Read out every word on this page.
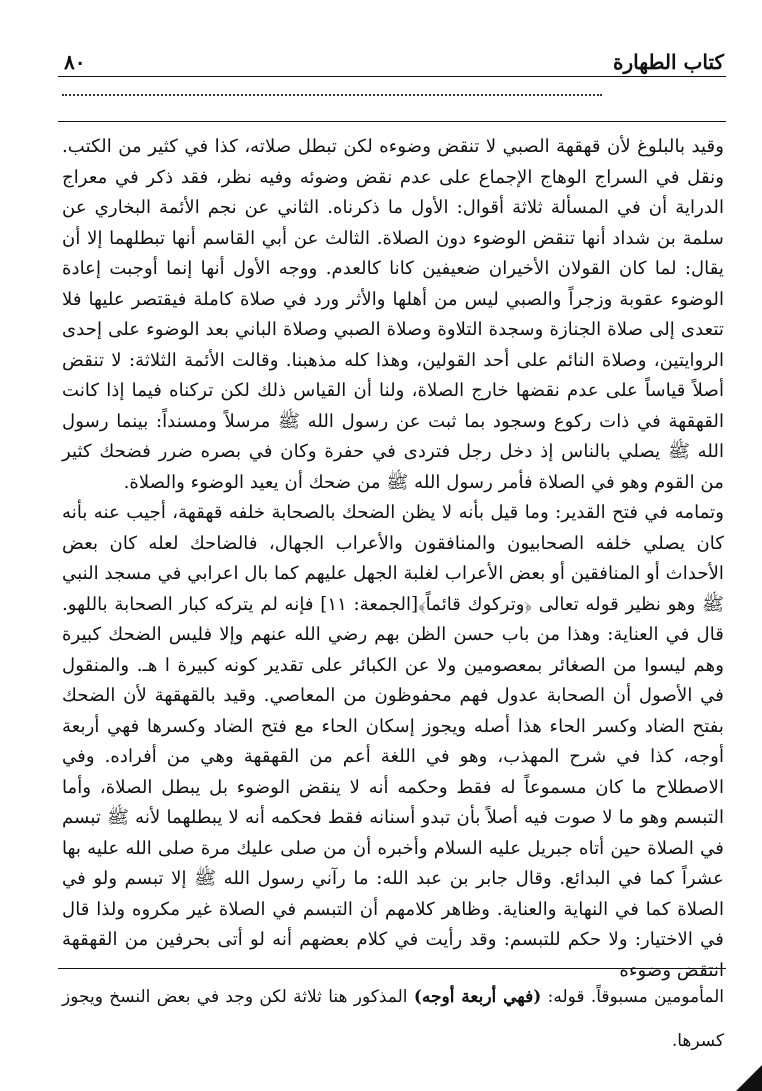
٨٠	كتاب الطهارة

وقيد بالبلوغ لأن قهقهة الصبي لا تنقض وضوءه لكن تبطل صلاته، كذا في كثير من الكتب. ونقل في السراج الوهاج الإجماع على عدم نقض وضوئه وفيه نظر، فقد ذكر في معراج الدراية أن في المسألة ثلاثة أقوال: الأول ما ذكرناه. الثاني عن نجم الأئمة البخاري عن سلمة بن شداد أنها تنقض الوضوء دون الصلاة. الثالث عن أبي القاسم أنها تبطلهما إلا أن يقال: لما كان القولان الأخيران ضعيفين كانا كالعدم. ووجه الأول أنها إنما أوجبت إعادة الوضوء عقوبة وزجراً والصبي ليس من أهلها والأثر ورد في صلاة كاملة فيقتصر عليها فلا تتعدى إلى صلاة الجنازة وسجدة التلاوة وصلاة الصبي وصلاة الباني بعد الوضوء على إحدى الروايتين، وصلاة النائم على أحد القولين، وهذا كله مذهبنا. وقالت الأئمة الثلاثة: لا تنقض أصلاً قياساً على عدم نقضها خارج الصلاة، ولنا أن القياس ذلك لكن تركناه فيما إذا كانت القهقهة في ذات ركوع وسجود بما ثبت عن رسول الله ﷺ مرسلاً ومسنداً: بينما رسول الله ﷺ يصلي بالناس إذ دخل رجل فتردى في حفرة وكان في بصره ضرر فضحك كثير من القوم وهو في الصلاة فأمر رسول الله ﷺ من ضحك أن يعيد الوضوء والصلاة.

وتمامه في فتح القدير: وما قيل بأنه لا يظن الضحك بالصحابة خلفه قهقهة، أجيب عنه بأنه كان يصلي خلفه الصحابيون والمنافقون والأعراب الجهال، فالضاحك لعله كان بعض الأحداث أو المنافقين أو بعض الأعراب لغلبة الجهل عليهم كما بال اعرابي في مسجد النبي ﷺ وهو نظير قوله تعالى ﴿وتركوك قائماً﴾[الجمعة: ١١] فإنه لم يتركه كبار الصحابة باللهو. قال في العناية: وهذا من باب حسن الظن بهم رضي الله عنهم وإلا فليس الضحك كبيرة وهم ليسوا من الصغائر بمعصومين ولا عن الكبائر على تقدير كونه كبيرة ا هـ. والمنقول في الأصول أن الصحابة عدول فهم محفوظون من المعاصي. وقيد بالقهقهة لأن الضحك بفتح الضاد وكسر الحاء هذا أصله ويجوز إسكان الحاء مع فتح الضاد وكسرها فهي أربعة أوجه، كذا في شرح المهذب، وهو في اللغة أعم من القهقهة وهي من أفراده. وفي الاصطلاح ما كان مسموعاً له فقط وحكمه أنه لا ينقض الوضوء بل يبطل الصلاة، وأما التبسم وهو ما لا صوت فيه أصلاً بأن تبدو أسنانه فقط فحكمه أنه لا يبطلهما لأنه ﷺ تبسم في الصلاة حين أتاه جبريل عليه السلام وأخبره أن من صلى عليك مرة صلى الله عليه بها عشراً كما في البدائع. وقال جابر بن عبد الله: ما رآني رسول الله ﷺ إلا تبسم ولو في الصلاة كما في النهاية والعناية. وظاهر كلامهم أن التبسم في الصلاة غير مكروه ولذا قال في الاختيار: ولا حكم للتبسم: وقد رأيت في كلام بعضهم أنه لو أتى بحرفين من القهقهة انتقض وضوءه

المأمومين مسبوقاً. قوله: (فهي أربعة أوجه) المذكور هنا ثلاثة لكن وجد في بعض النسخ ويجوز كسرها.
